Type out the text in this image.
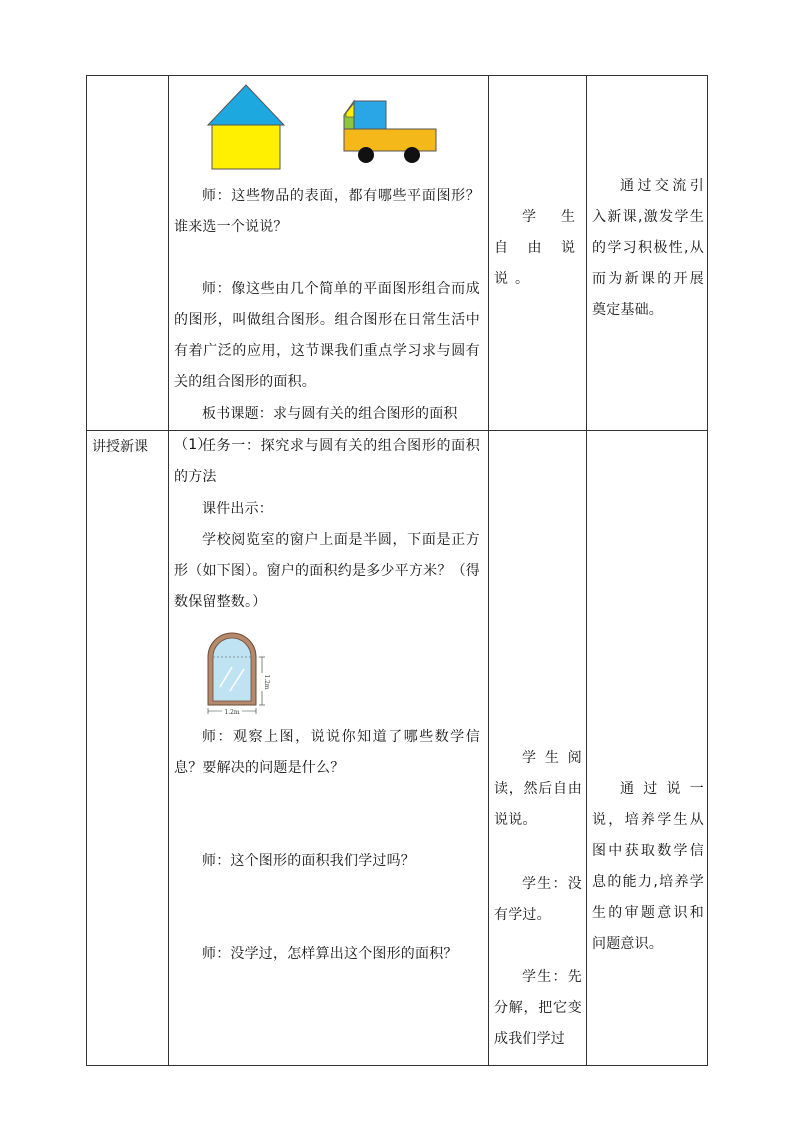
师：这些物品的表面，都有哪些平面图形？谁来选一个说说？
师：像这些由几个简单的平面图形组合而成的图形，叫做组合图形。组合图形在日常生活中有着广泛的应用，这节课我们重点学习求与圆有关的组合图形的面积。
板书课题：求与圆有关的组合图形的面积（1）
学生自由说说。
通过交流引入新课,激发学生的学习积极性,从而为新课的开展奠定基础。
讲授新课	任务一：探究求与圆有关的组合图形的面积的方法
课件出示：
学校阅览室的窗户上面是半圆，下面是正方形（如下图）。窗户的面积约是多少平方米？（得数保留整数。）
1.2m
1.2m
师：观察上图，说说你知道了哪些数学信息？要解决的问题是什么？
师：这个图形的面积我们学过吗？
师：没学过，怎样算出这个图形的面积？
学生阅读，然后自由说说。
学生：没有学过。
学生：先分解，把它变成我们学过
通过说一说，培养学生从图中获取数学信息的能力,培养学生的审题意识和问题意识。
